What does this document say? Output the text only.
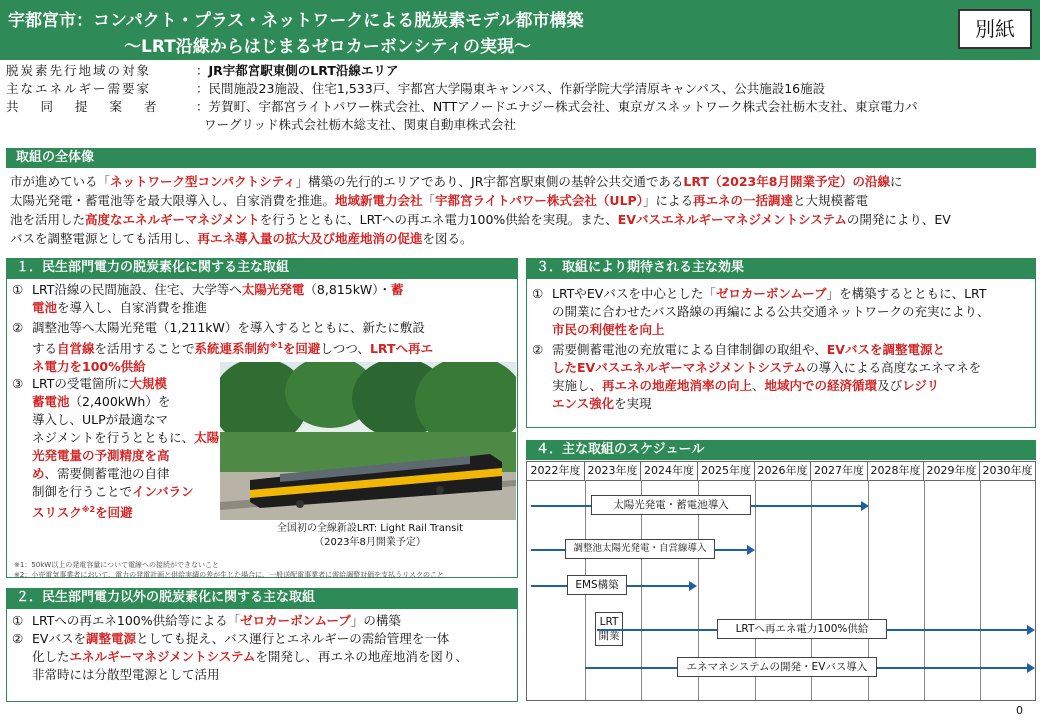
宇都宮市：コンパクト・プラス・ネットワークによる脱炭素モデル都市構築
～LRT沿線からはじまるゼロカーボンシティの実現～
別紙
脱炭素先行地域の対象	：JR宇都宮駅東側のLRT沿線エリア
主なエネルギー需要家	：民間施設23施設、住宅1,533戸、宇都宮大学陽東キャンパス、作新学院大学清原キャンパス、公共施設16施設
共同提案者 ：芳賀町、宇都宮ライトパワー株式会社、NTTアノードエナジー株式会社、東京ガスネットワーク株式会社栃木支社、東京電力パ
ワーグリッド株式会社栃木総支社、関東自動車株式会社
取組の全体像
市が進めている「ネットワーク型コンパクトシティ」構築の先行的エリアであり、JR宇都宮駅東側の基幹公共交通であるLRT（2023年8月開業予定）の沿線に
太陽光発電・蓄電池等を最大限導入し、自家消費を推進。地域新電力会社「宇都宮ライトパワー株式会社（ULP）」による再エネの一括調達と大規模蓄電
池を活用した高度なエネルギーマネジメントを行うとともに、LRTへの再エネ電力100%供給を実現。また、EVバスエネルギーマネジメントシステムの開発により、EV
バスを調整電源としても活用し、再エネ導入量の拡大及び地産地消の促進を図る。
１．民生部門電力の脱炭素化に関する主な取組
① LRT沿線の民間施設、住宅、大学等へ太陽光発電（8,815kW）・蓄
電池を導入し、自家消費を推進
② 調整池等へ太陽光発電（1,211kW）を導入するとともに、新たに敷設
する自営線を活用することで系統連系制約$^{※1}$を回避しつつ、LRTへ再エ
ネ電力を100%供給
③ LRTの受電箇所に大規模
蓄電池（2,400kWh）を
導入し、ULPが最適なマ
ネジメントを行うとともに、太陽
光発電量の予測精度を高
め、需要側蓄電池の自律
制御を行うことでインバラン
スリスク$^{※2}$を回避
全国初の全線新設LRT: Light Rail Transit
（2023年8月開業予定）
※1：50kW以上の発電容量について電線への接続ができないこと
※2：小売電気事業者において、電力の発電計画と供給実績の差が生じた場合に、一般送配電事業者に需給調整対価を支払うリスクのこと
２．民生部門電力以外の脱炭素化に関する主な取組
① LRTへの再エネ100%供給等による「ゼロカーボンムーブ」の構築
② EVバスを調整電源としても捉え、バス運行とエネルギーの需給管理を一体
化したエネルギーマネジメントシステムを開発し、再エネの地産地消を図り、
非常時には分散型電源として活用
３．取組により期待される主な効果
① LRTやEVバスを中心とした「ゼロカーボンムーブ」を構築するとともに、LRT
の開業に合わせたバス路線の再編による公共交通ネットワークの充実により、
市民の利便性を向上
② 需要側蓄電池の充放電による自律制御の取組や、EVバスを調整電源と
したEVバスエネルギーマネジメントシステムの導入による高度なエネマネを
実施し、再エネの地産地消率の向上、地域内での経済循環及びレジリ
エンス強化を実現
４．主な取組のスケジュール
2022年度 2023年度 2024年度 2025年度 2026年度 2027年度 2028年度 2029年度 2030年度
太陽光発電・蓄電池導入
調整池太陽光発電・自営線導入
EMS構築
LRT開業
LRTへ再エネ電力100%供給
エネマネシステムの開発・EVバス導入
0
